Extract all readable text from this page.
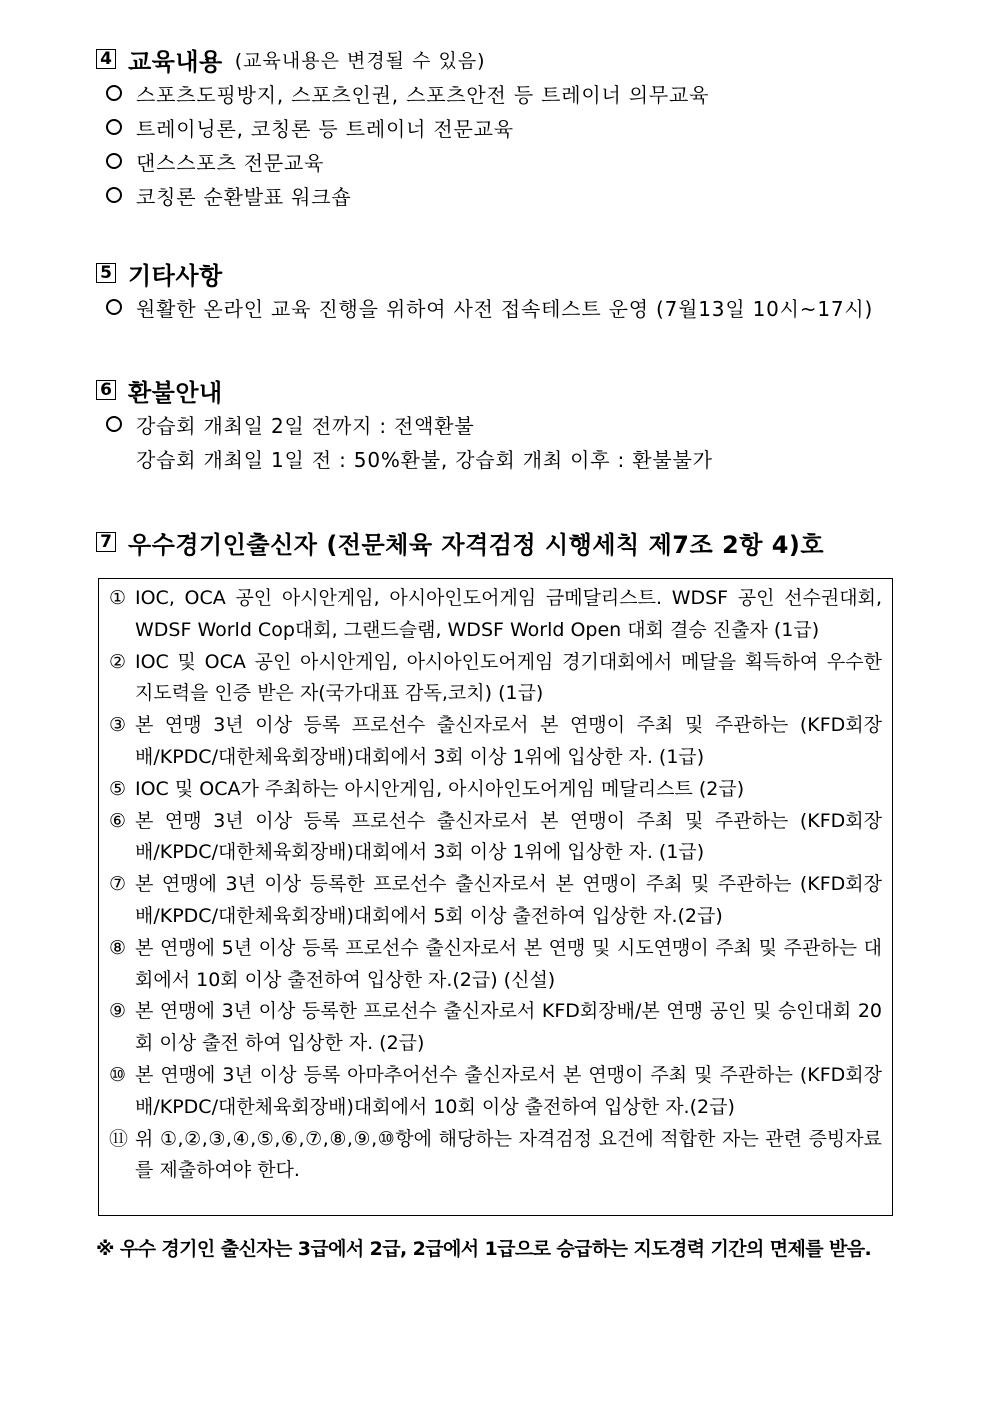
4 교육내용 (교육내용은 변경될 수 있음)
스포츠도핑방지, 스포츠인권, 스포츠안전 등 트레이너 의무교육
트레이닝론, 코칭론 등 트레이너 전문교육
댄스스포츠 전문교육
코칭론 순환발표 워크숍
5 기타사항
원활한 온라인 교육 진행을 위하여 사전 접속테스트 운영 (7월13일 10시~17시)
6 환불안내
강습회 개최일 2일 전까지 : 전액환불
강습회 개최일 1일 전 : 50%환불, 강습회 개최 이후 : 환불불가
7 우수경기인출신자 (전문체육 자격검정 시행세칙 제7조 2항 4)호
① IOC, OCA 공인 아시안게임, 아시아인도어게임 금메달리스트. WDSF 공인 선수권대회, WDSF World Cop대회, 그랜드슬램, WDSF World Open 대회 결승 진출자 (1급)
② IOC 및 OCA 공인 아시안게임, 아시아인도어게임 경기대회에서 메달을 획득하여 우수한 지도력을 인증 받은 자(국가대표 감독,코치) (1급)
③ 본 연맹 3년 이상 등록 프로선수 출신자로서 본 연맹이 주최 및 주관하는 (KFD회장배/KPDC/대한체육회장배)대회에서 3회 이상 1위에 입상한 자. (1급)
⑤ IOC 및 OCA가 주최하는 아시안게임, 아시아인도어게임 메달리스트 (2급)
⑥ 본 연맹 3년 이상 등록 프로선수 출신자로서 본 연맹이 주최 및 주관하는 (KFD회장배/KPDC/대한체육회장배)대회에서 3회 이상 1위에 입상한 자. (1급)
⑦ 본 연맹에 3년 이상 등록한 프로선수 출신자로서 본 연맹이 주최 및 주관하는 (KFD회장배/KPDC/대한체육회장배)대회에서 5회 이상 출전하여 입상한 자.(2급)
⑧ 본 연맹에 5년 이상 등록 프로선수 출신자로서 본 연맹 및 시도연맹이 주최 및 주관하는 대회에서 10회 이상 출전하여 입상한 자.(2급) (신설)
⑨ 본 연맹에 3년 이상 등록한 프로선수 출신자로서 KFD회장배/본 연맹 공인 및 승인대회 20회 이상 출전 하여 입상한 자. (2급)
⑩ 본 연맹에 3년 이상 등록 아마추어선수 출신자로서 본 연맹이 주최 및 주관하는 (KFD회장배/KPDC/대한체육회장배)대회에서 10회 이상 출전하여 입상한 자.(2급)
⑪ 위 ①,②,③,④,⑤,⑥,⑦,⑧,⑨,⑩항에 해당하는 자격검정 요건에 적합한 자는 관련 증빙자료를 제출하여야 한다.
※ 우수 경기인 출신자는 3급에서 2급, 2급에서 1급으로 승급하는 지도경력 기간의 면제를 받음.
